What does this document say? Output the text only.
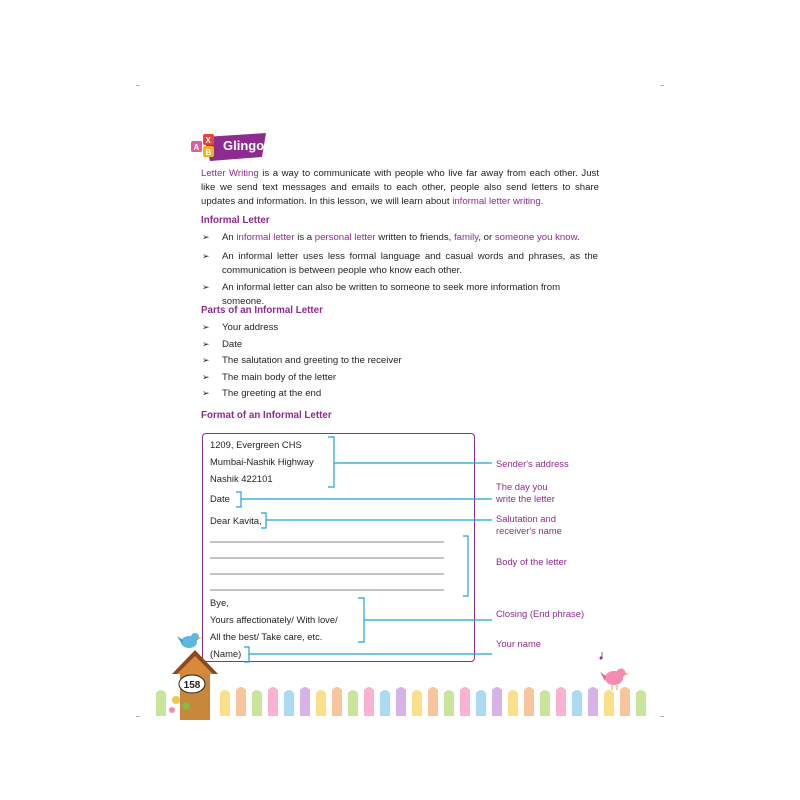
A
X
B Glingo
Letter Writing is a way to communicate with people who live far away from each other. Just like we send text messages and emails to each other, people also send letters to share updates and information. In this lesson, we will learn about informal letter writing.
Informal Letter
➢ An informal letter is a personal letter written to friends, family, or someone you know.
➢ An informal letter uses less formal language and casual words and phrases, as the communication is between people who know each other.
➢ An informal letter can also be written to someone to seek more information from someone.
Parts of an Informal Letter
➢ Your address
➢ Date
➢ The salutation and greeting to the receiver
➢ The main body of the letter
➢ The greeting at the end
Format of an Informal Letter
1209, Evergreen CHS
Mumbai-Nashik Highway
Nashik 422101
Date
Dear Kavita,
Bye,
Yours affectionately/ With love/
All the best/ Take care, etc.
(Name)
Sender's address
The day you
write the letter
Salutation and
receiver's name
Body of the letter
Closing (End phrase)
Your name
158
